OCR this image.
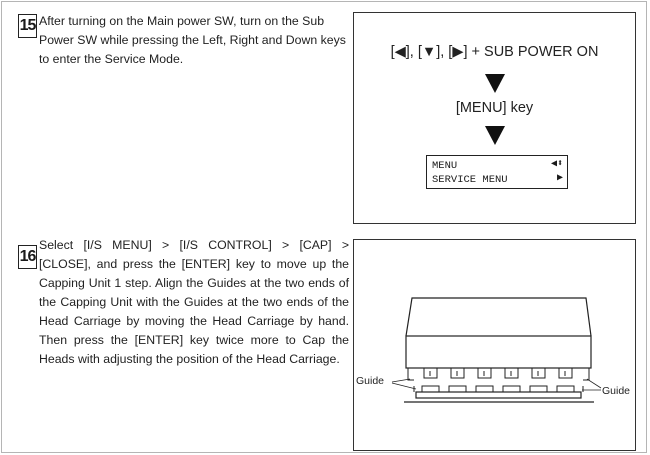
15 After turning on the Main power SW, turn on the Sub Power SW while pressing the Left, Right and Down keys to enter the Service Mode.	[◀], [▼], [▶] + SUB POWER ON
[MENU] key
MENU	◀⬍
SERVICE MENU	▶
16
Select [I/S MENU] > [I/S CONTROL] > [CAP] > [CLOSE], and press the [ENTER] key to move up the Capping Unit 1 step. Align the Guides at the two ends of the Capping Unit with the Guides at the two ends of the Head Carriage by moving the Head Carriage by hand. Then press the [ENTER] key twice more to Cap the Heads with adjusting the position of the Head Carriage.
Guide
Guide
